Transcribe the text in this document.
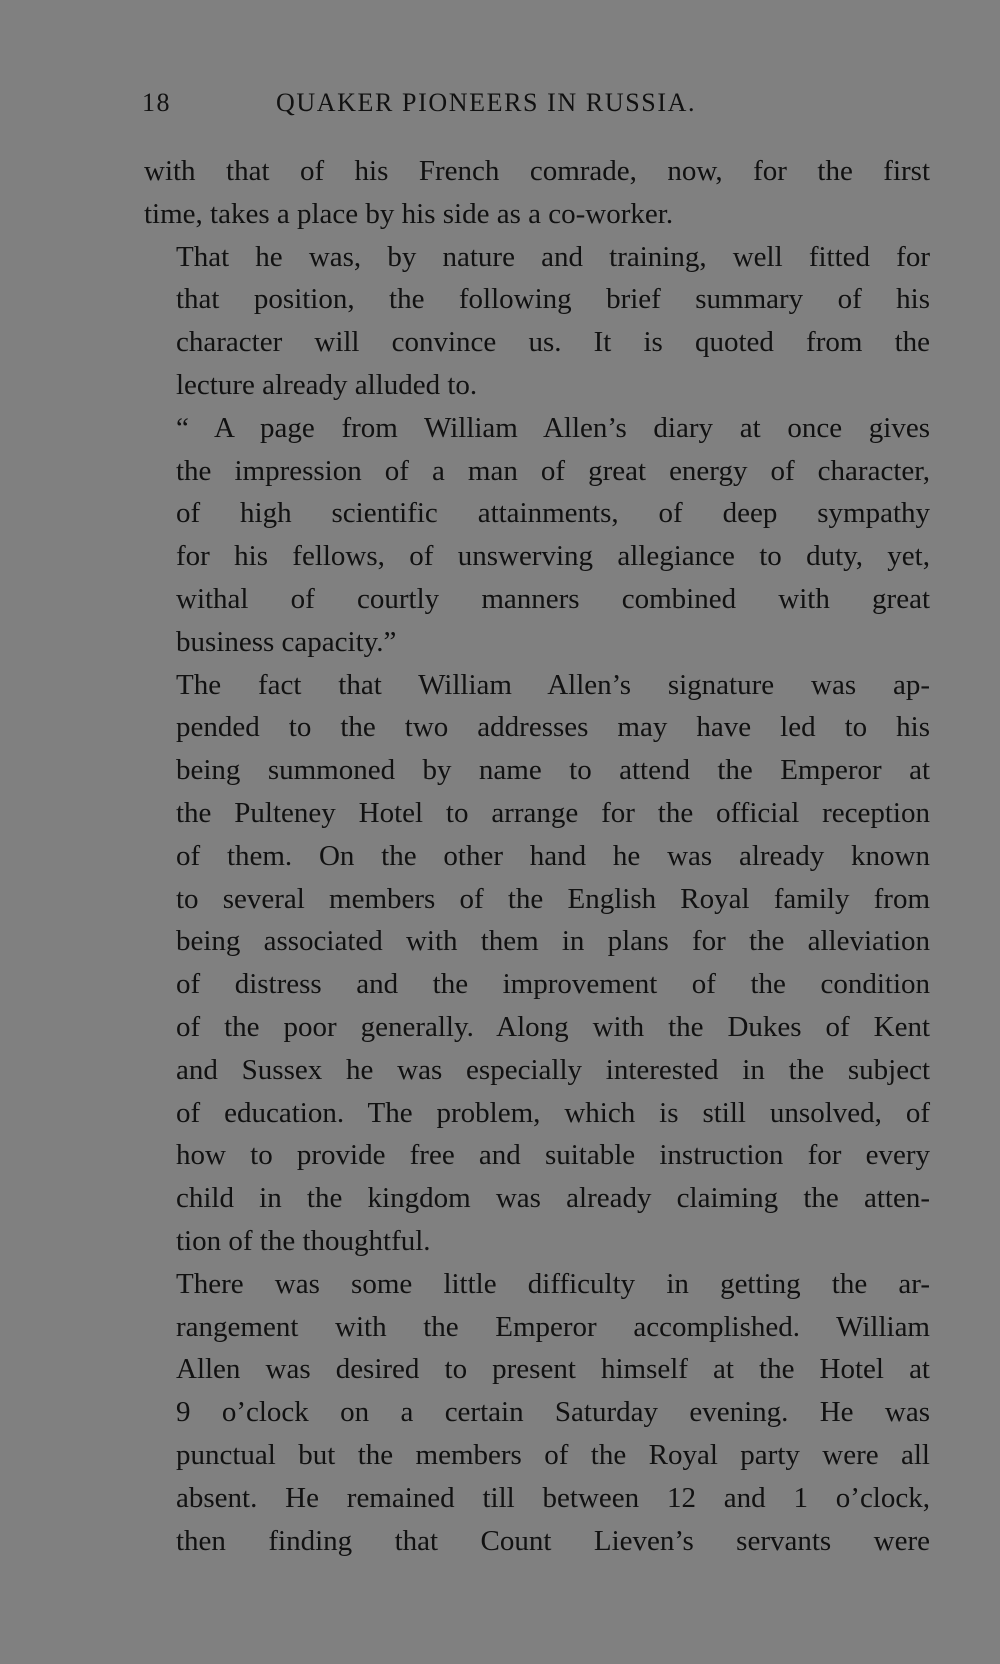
18	QUAKER PIONEERS IN RUSSIA.

with that of his French comrade, now, for the first
time, takes a place by his side as a co-worker.

That he was, by nature and training, well fitted for
that position, the following brief summary of his
character will convince us. It is quoted from the
lecture already alluded to.

“ A page from William Allen’s diary at once gives
the impression of a man of great energy of character,
of high scientific attainments, of deep sympathy
for his fellows, of unswerving allegiance to duty, yet,
withal of courtly manners combined with great
business capacity.”

The fact that William Allen’s signature was ap-
pended to the two addresses may have led to his
being summoned by name to attend the Emperor at
the Pulteney Hotel to arrange for the official reception
of them. On the other hand he was already known
to several members of the English Royal family from
being associated with them in plans for the alleviation
of distress and the improvement of the condition
of the poor generally. Along with the Dukes of Kent
and Sussex he was especially interested in the subject
of education. The problem, which is still unsolved, of
how to provide free and suitable instruction for every
child in the kingdom was already claiming the atten-
tion of the thoughtful.

There was some little difficulty in getting the ar-
rangement with the Emperor accomplished. William
Allen was desired to present himself at the Hotel at
9 o’clock on a certain Saturday evening. He was
punctual but the members of the Royal party were all
absent. He remained till between 12 and 1 o’clock,
then finding that Count Lieven’s servants were
